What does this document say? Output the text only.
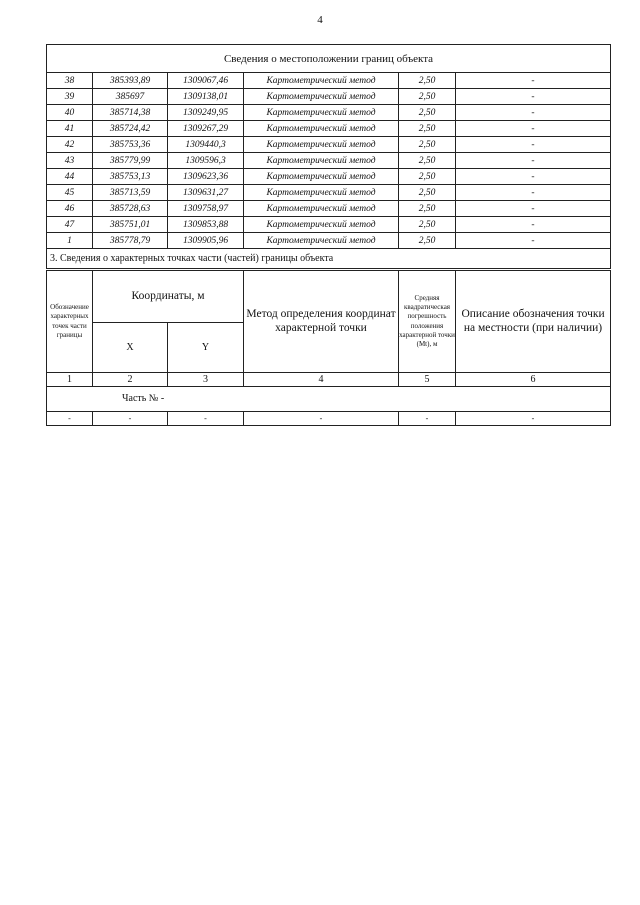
4
Сведения о местоположении границ объекта					
38	385393,89	1309067,46	Картометрический метод	2,50	-
39	385697	1309138,01	Картометрический метод	2,50	-
40	385714,38	1309249,95	Картометрический метод	2,50	-
41	385724,42	1309267,29	Картометрический метод	2,50	-
42	385753,36	1309440,3	Картометрический метод	2,50	-
43	385779,99	1309596,3	Картометрический метод	2,50	-
44	385753,13	1309623,36	Картометрический метод	2,50	-
45	385713,59	1309631,27	Картометрический метод	2,50	-
46	385728,63	1309758,97	Картометрический метод	2,50	-
47	385751,01	1309853,88	Картометрический метод	2,50	-
1	385778,79	1309905,96	Картометрический метод	2,50	-
3. Сведения о характерных точках части (частей) границы объекта					
Обозначение характерных точек части границы	Координаты, м		Метод определения координат характерной точки	Средняя квадратическая погрешность положения характерной точки (Mt), м	Описание обозначения точки на местности (при наличии)
	X	Y			
1	2	3	4	5	6
Часть № -					
-	-	-	-	-	-
